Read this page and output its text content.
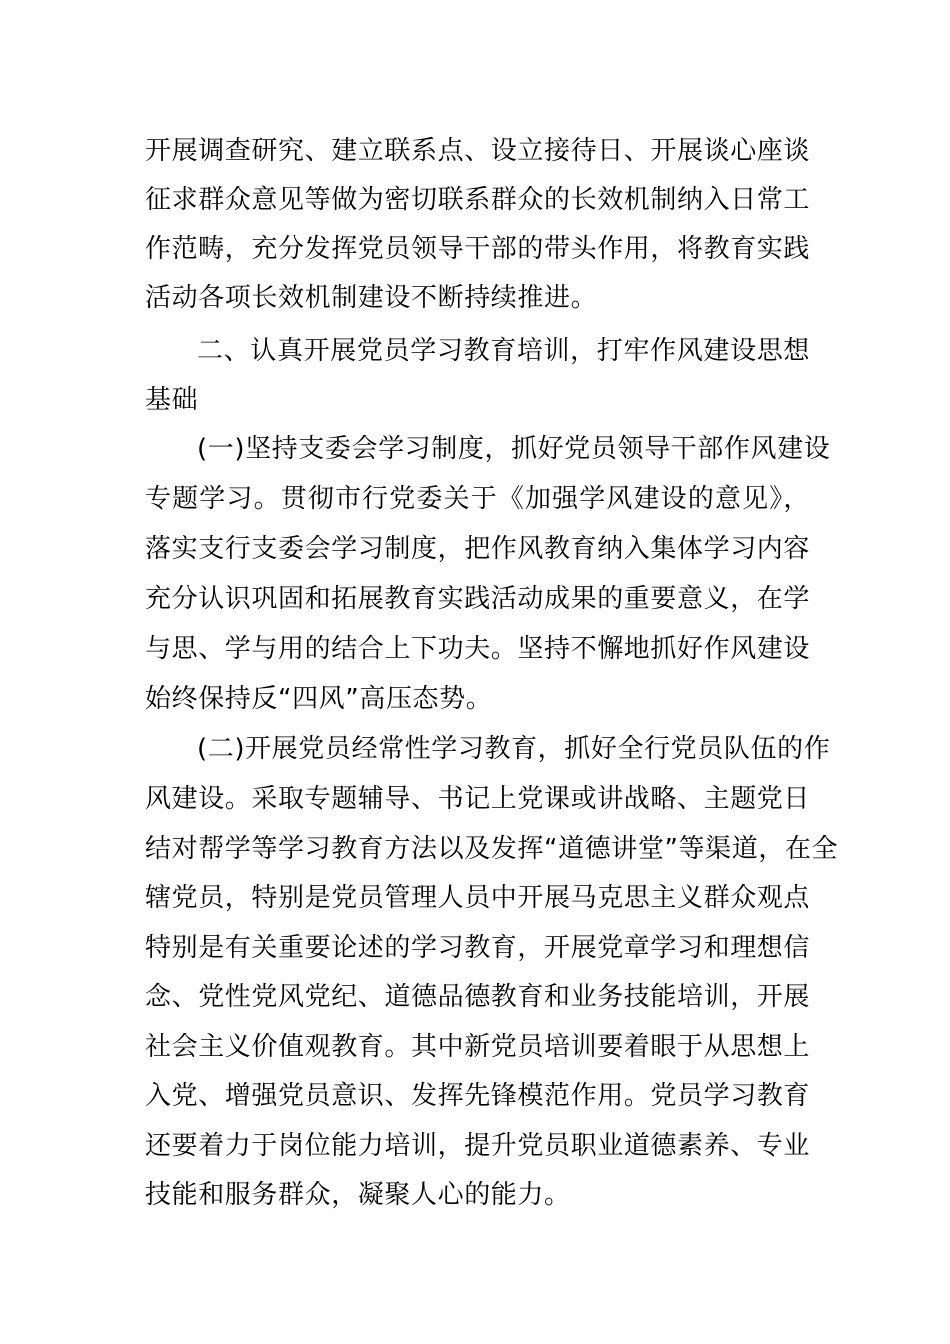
开展调查研究、建立联系点、设立接待日、开展谈心座谈
征求群众意见等做为密切联系群众的长效机制纳入日常工
作范畴，充分发挥党员领导干部的带头作用，将教育实践
活动各项长效机制建设不断持续推进。
二、认真开展党员学习教育培训，打牢作风建设思想
基础
(一)坚持支委会学习制度，抓好党员领导干部作风建设
专题学习。贯彻市行党委关于《加强学风建设的意见》，
落实支行支委会学习制度，把作风教育纳入集体学习内容
充分认识巩固和拓展教育实践活动成果的重要意义，在学
与思、学与用的结合上下功夫。坚持不懈地抓好作风建设
始终保持反“四风”高压态势。
(二)开展党员经常性学习教育，抓好全行党员队伍的作
风建设。采取专题辅导、书记上党课或讲战略、主题党日
结对帮学等学习教育方法以及发挥“道德讲堂”等渠道，在全
辖党员，特别是党员管理人员中开展马克思主义群众观点
特别是有关重要论述的学习教育，开展党章学习和理想信
念、党性党风党纪、道德品德教育和业务技能培训，开展
社会主义价值观教育。其中新党员培训要着眼于从思想上
入党、增强党员意识、发挥先锋模范作用。党员学习教育
还要着力于岗位能力培训，提升党员职业道德素养、专业
技能和服务群众，凝聚人心的能力。
